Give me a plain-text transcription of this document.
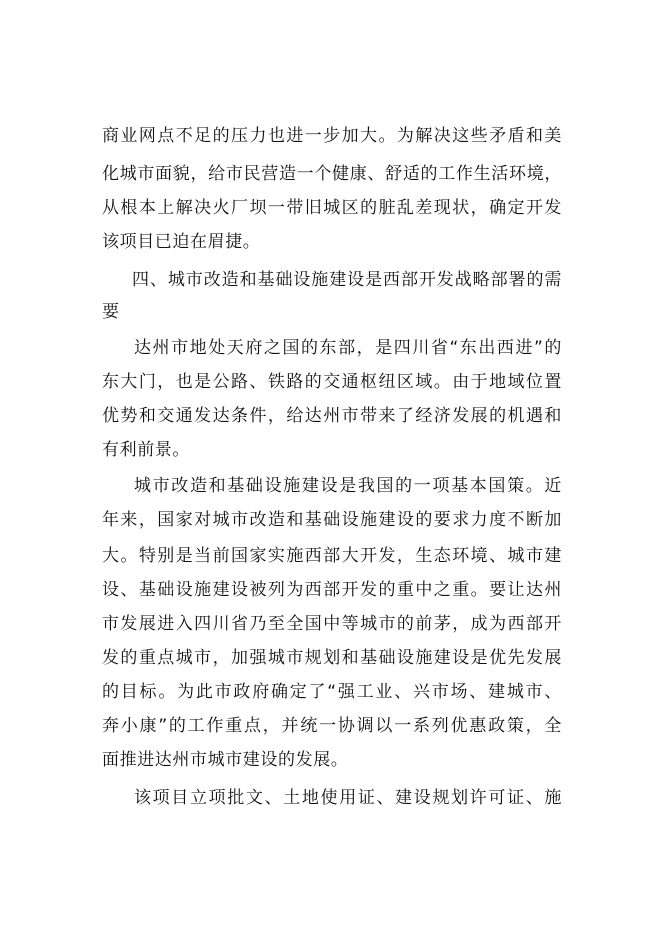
商业网点不足的压力也进一步加大。为解决这些矛盾和美
化城市面貌，给市民营造一个健康、舒适的工作生活环境，
从根本上解决火厂坝一带旧城区的脏乱差现状，确定开发
该项目已迫在眉捷。
四、城市改造和基础设施建设是西部开发战略部署的需
要
达州市地处天府之国的东部，是四川省“东出西进”的
东大门，也是公路、铁路的交通枢纽区域。由于地域位置
优势和交通发达条件，给达州市带来了经济发展的机遇和
有利前景。
城市改造和基础设施建设是我国的一项基本国策。近
年来，国家对城市改造和基础设施建设的要求力度不断加
大。特别是当前国家实施西部大开发，生态环境、城市建
设、基础设施建设被列为西部开发的重中之重。要让达州
市发展进入四川省乃至全国中等城市的前茅，成为西部开
发的重点城市，加强城市规划和基础设施建设是优先发展
的目标。为此市政府确定了“强工业、兴市场、建城市、
奔小康”的工作重点，并统一协调以一系列优惠政策，全
面推进达州市城市建设的发展。
该项目立项批文、土地使用证、建设规划许可证、施
